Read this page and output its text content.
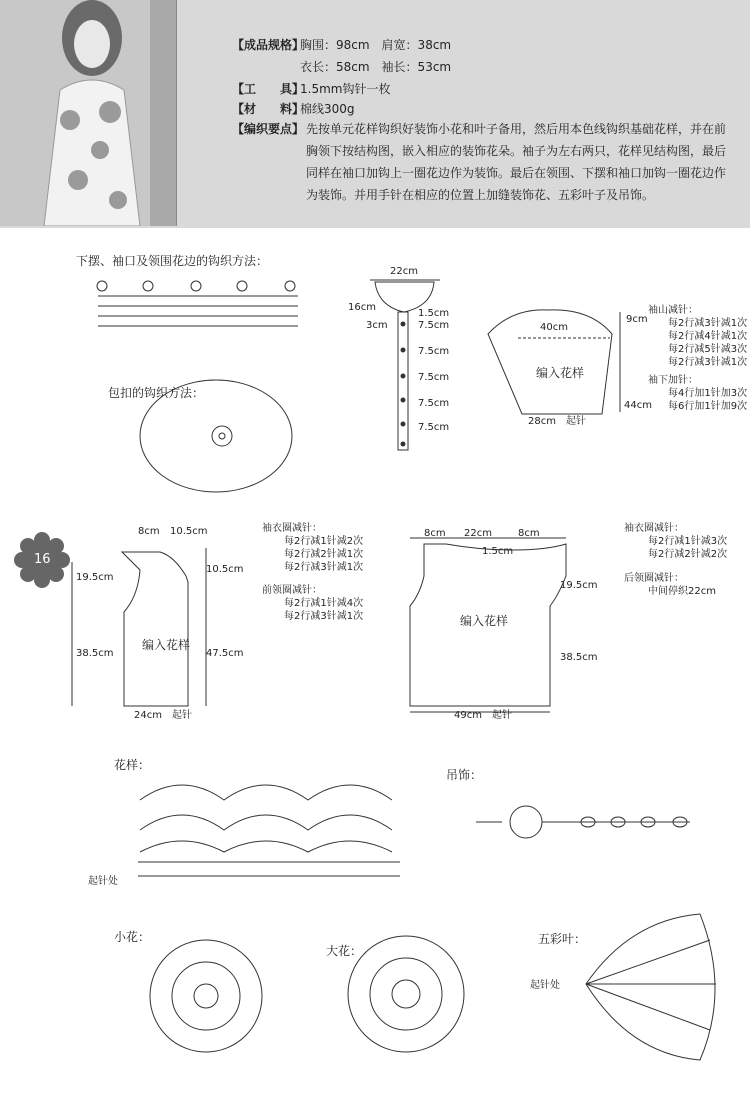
【成品规格】胸围：98cm　肩宽：38cm
衣长：58cm　袖长：53cm
【工　　具】1.5mm钩针一枚
【材　　料】棉线300g
【编织要点】 先按单元花样钩织好装饰小花和叶子备用，然后用本色线钩织基础花样，并在前胸领下按结构图，嵌入相应的装饰花朵。袖子为左右两只，花样见结构图，最后同样在袖口加钩上一圈花边作为装饰。最后在领围、下摆和袖口加钩一圈花边作为装饰。并用手针在相应的位置上加缝装饰花、五彩叶子及吊饰。
下摆、袖口及领围花边的钩织方法：
包扣的钩织方法：
花样：
吊饰：
小花：
大花：
五彩叶：
起针处
起针处
16
22cm
16cm
3cm
1.5cm
7.5cm
7.5cm
7.5cm
7.5cm
7.5cm
40cm
编入花样
28cm　 起针
9cm
44cm
袖山减针：
每2行减3针减1次
每2行减4针减1次
每2行减5针减3次
每2行减3针减1次
袖下加针：
每4行加1针加3次
每6行加1针加9次
8cm 10.5cm
19.5cm
10.5cm
38.5cm	47.5cm
编入花样
24cm　 起针
袖衣圈减针：
每2行减1针减2次
每2行减2针减1次
每2行减3针减1次
前领圈减针：
每2行减1针减4次
每2行减3针减1次
8cm 22cm	8cm
1.5cm
19.5cm
38.5cm
编入花样
49cm　 起针
袖衣圈减针：
每2行减1针减3次
每2行减2针减2次
后领圈减针：
中间停织22cm
